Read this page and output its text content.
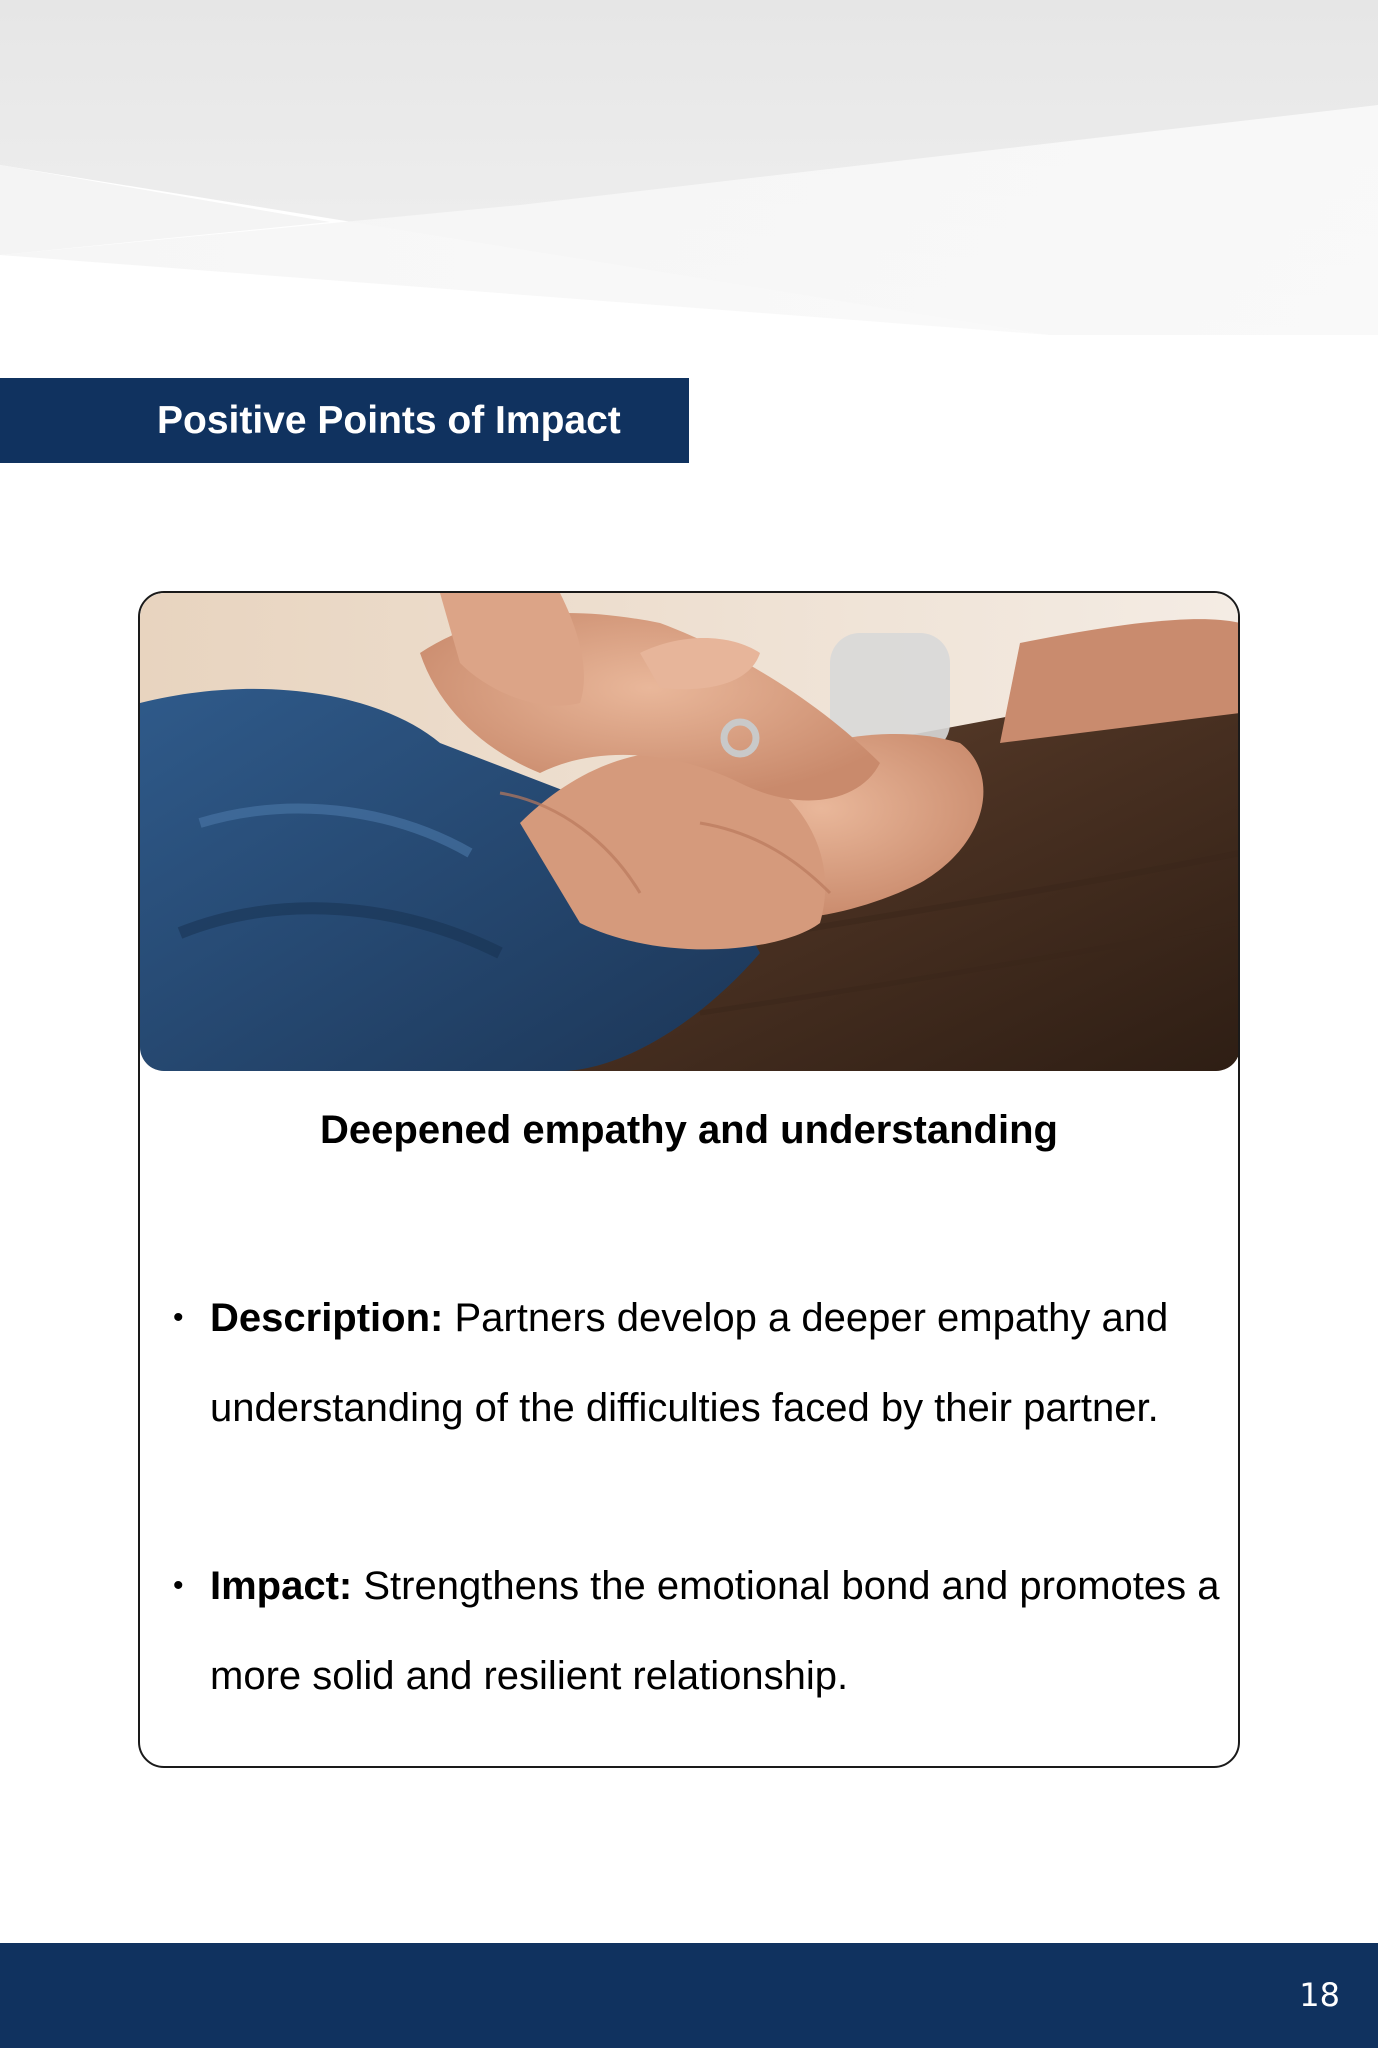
Positive Points of Impact
Deepened empathy and understanding
• Description: Partners develop a deeper empathy and understanding of the difficulties faced by their partner.
• Impact: Strengthens the emotional bond and promotes a more solid and resilient relationship.
18
